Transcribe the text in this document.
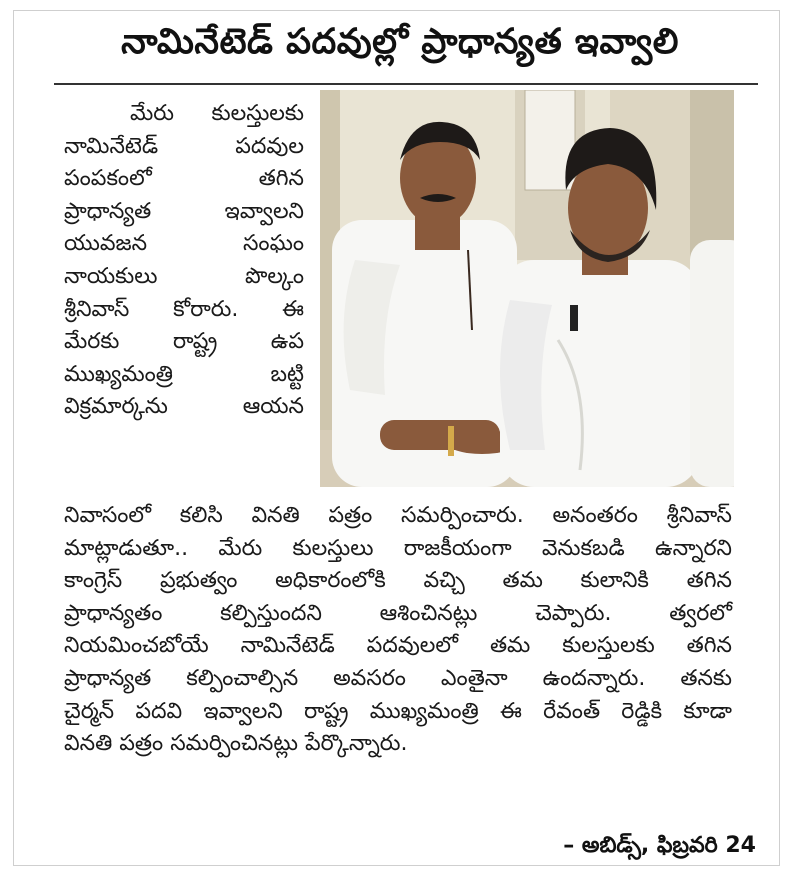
నామినేటెడ్ పదవుల్లో ప్రాధాన్యత ఇవ్వాలి
మేరు కులస్తులకు
నామినేటెడ్ పదవుల
పంపకంలో తగిన
ప్రాధాన్యత ఇవ్వాలని
యువజన సంఘం
నాయకులు పొల్కం
శ్రీనివాస్ కోరారు. ఈ
మేరకు రాష్ట్ర ఉప
ముఖ్యమంత్రి బట్టి
విక్రమార్కను ఆయన
నివాసంలో కలిసి వినతి పత్రం సమర్పించారు. అనంతరం శ్రీనివాస్
మాట్లాడుతూ.. మేరు కులస్తులు రాజకీయంగా వెనుకబడి ఉన్నారని
కాంగ్రెస్ ప్రభుత్వం అధికారంలోకి వచ్చి తమ కులానికి తగిన
ప్రాధాన్యతం కల్పిస్తుందని ఆశించినట్లు చెప్పారు. త్వరలో
నియమించబోయే నామినేటెడ్ పదవులలో తమ కులస్తులకు తగిన
ప్రాధాన్యత కల్పించాల్సిన అవసరం ఎంతైనా ఉందన్నారు. తనకు
చైర్మన్ పదవి ఇవ్వాలని రాష్ట్ర ముఖ్యమంత్రి ఈ రేవంత్ రెడ్డికి కూడా
వినతి పత్రం సమర్పించినట్లు పేర్కొన్నారు.
– అబిడ్స్, ఫిబ్రవరి 24
